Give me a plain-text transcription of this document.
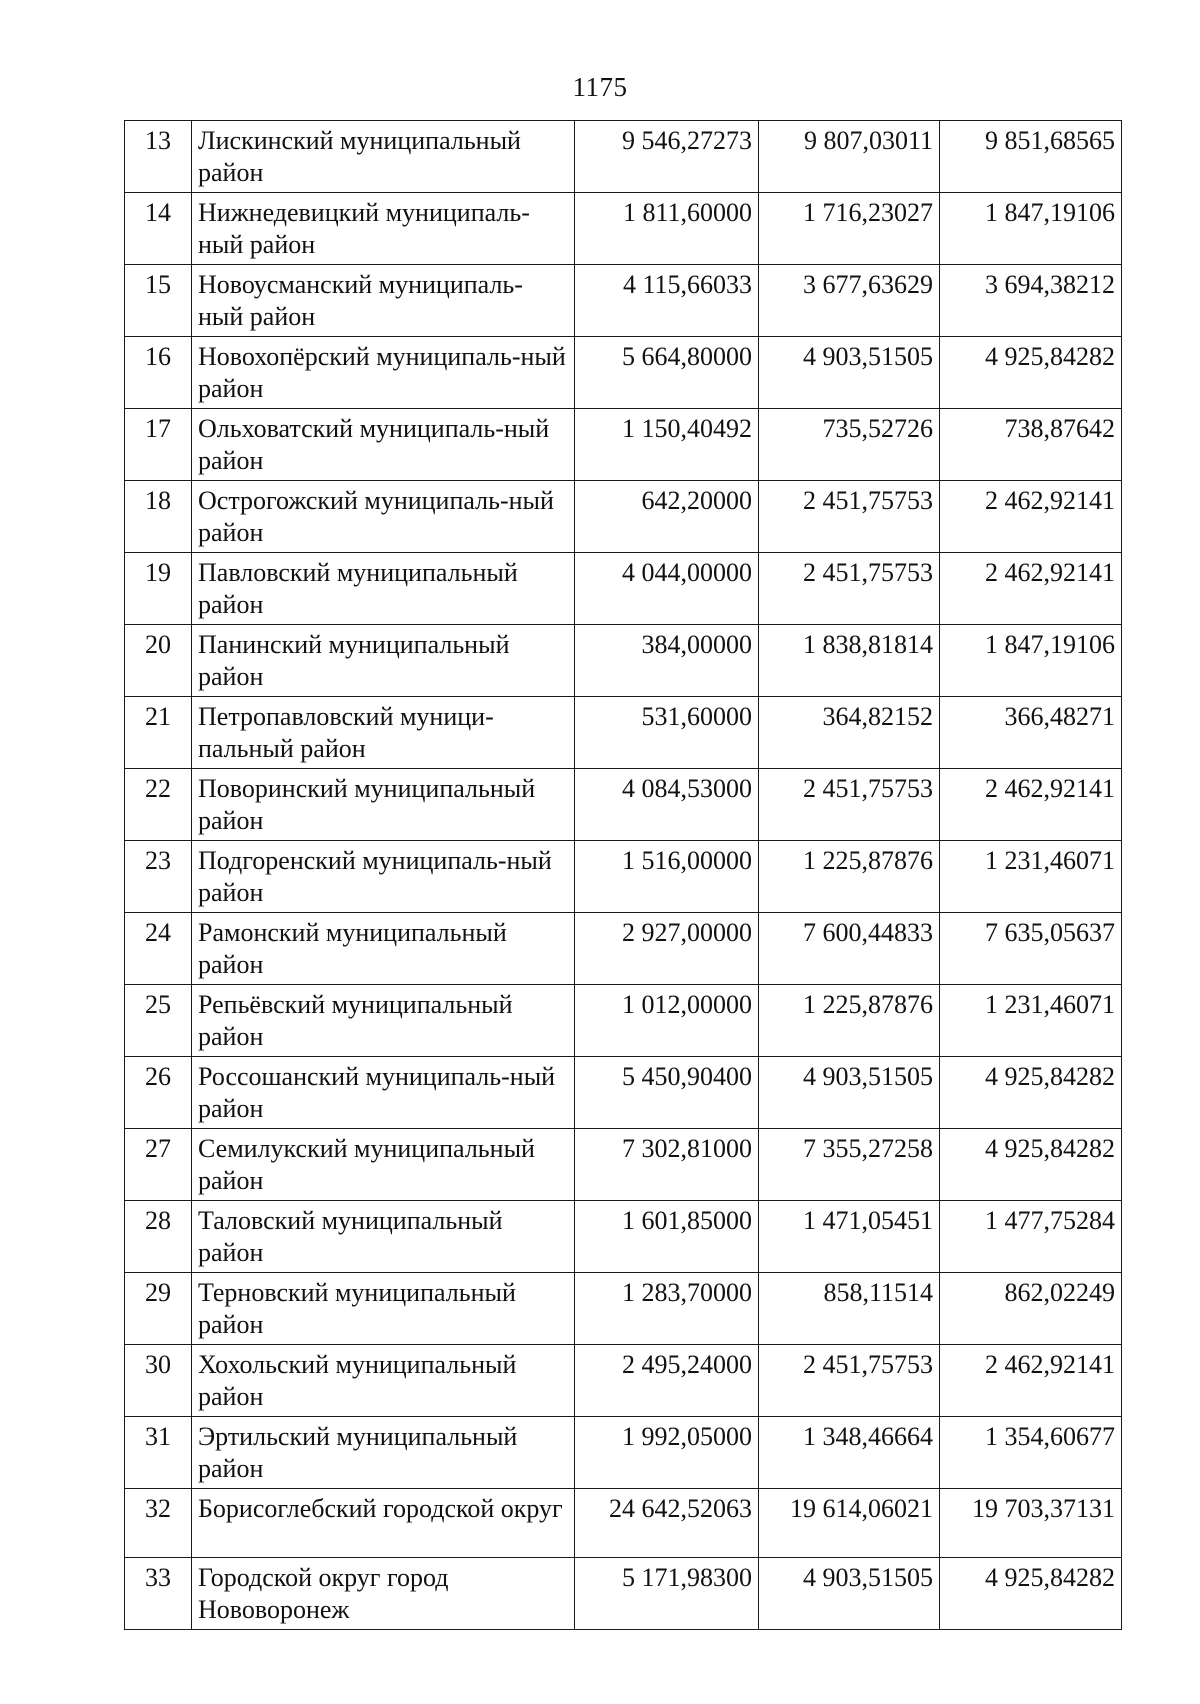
1175
13	Лискинский муниципальный район	9 546,27273	9 807,03011	9 851,68565
14	Нижнедевицкий муниципаль-ный район	1 811,60000	1 716,23027	1 847,19106
15	Новоусманский муниципаль-ный район	4 115,66033	3 677,63629	3 694,38212
16	Новохопёрский муниципаль-ный район	5 664,80000	4 903,51505	4 925,84282
17	Ольховатский муниципаль-ный район	1 150,40492	735,52726	738,87642
18	Острогожский муниципаль-ный район	642,20000	2 451,75753	2 462,92141
19	Павловский муниципальный район	4 044,00000	2 451,75753	2 462,92141
20	Панинский муниципальный район	384,00000	1 838,81814	1 847,19106
21	Петропавловский муници-пальный район	531,60000	364,82152	366,48271
22	Поворинский муниципальный район	4 084,53000	2 451,75753	2 462,92141
23	Подгоренский муниципаль-ный район	1 516,00000	1 225,87876	1 231,46071
24	Рамонский муниципальный район	2 927,00000	7 600,44833	7 635,05637
25	Репьёвский муниципальный район	1 012,00000	1 225,87876	1 231,46071
26	Россошанский муниципаль-ный район	5 450,90400	4 903,51505	4 925,84282
27	Семилукский муниципальный район	7 302,81000	7 355,27258	4 925,84282
28	Таловский муниципальный район	1 601,85000	1 471,05451	1 477,75284
29	Терновский муниципальный район	1 283,70000	858,11514	862,02249
30	Хохольский муниципальный район	2 495,24000	2 451,75753	2 462,92141
31	Эртильский муниципальный район	1 992,05000	1 348,46664	1 354,60677
32	Борисоглебский городской округ	24 642,52063	19 614,06021	19 703,37131
33	Городской округ город Нововоронеж	5 171,98300	4 903,51505	4 925,84282
